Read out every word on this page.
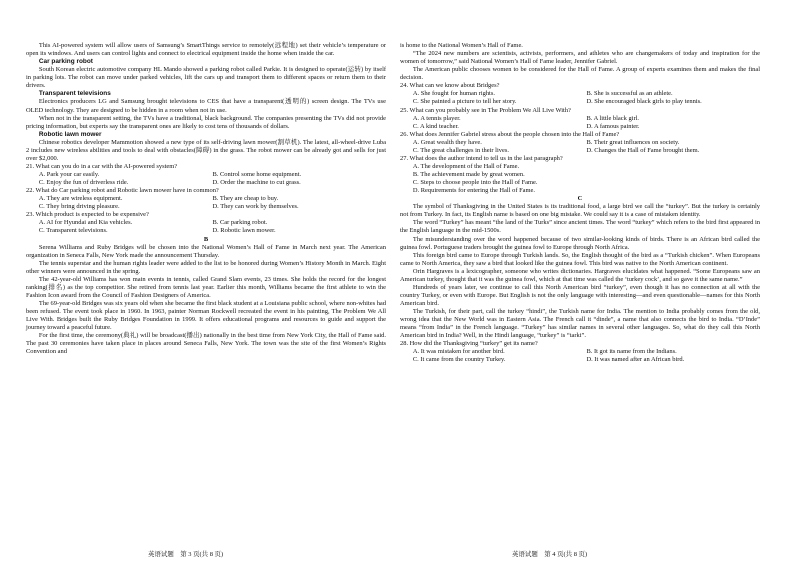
This AI-powered system will allow users of Samsung’s SmartThings service to remotely(远程地) set their vehicle’s temperature or open its windows. And users can control lights and connect to electrical equipment inside the home when inside the car.

Car parking robot

South Korean electric automotive company HL Mando showed a parking robot called Parkie. It is designed to operate(运转) by itself in parking lots. The robot can move under parked vehicles, lift the cars up and transport them to different spaces or return them to their drivers.

Transparent televisions

Electronics producers LG and Samsung brought televisions to CES that have a transparent(透明的) screen design. The TVs use OLED technology. They are designed to be hidden in a room when not in use.

When not in the transparent setting, the TVs have a traditional, black background. The companies presenting the TVs did not provide pricing information, but experts say the transparent ones are likely to cost tens of thousands of dollars.

Robotic lawn mower

Chinese robotics developer Mammotion showed a new type of its self-driving lawn mower(割草机). The latest, all-wheel-drive Luba 2 includes new wireless abilities and tools to deal with obstacles(障碍) in the grass. The robot mower can be already got and sells for just over $2,000.

21. What can you do in a car with the AI-powered system?

A. Park your car easily.	B. Control some home equipment.
C. Enjoy the fun of driverless ride.	D. Order the machine to cut grass.

22. What do Car parking robot and Robotic lawn mower have in common?

A. They are wireless equipment.	B. They are cheap to buy.
C. They bring driving pleasure.	D. They can work by themselves.

23. Which product is expected to be expensive?

A. AI for Hyundai and Kia vehicles.	B. Car parking robot.
C. Transparent televisions.	D. Robotic lawn mower.

B

Serena Williams and Ruby Bridges will be chosen into the National Women’s Hall of Fame in March next year. The American organization in Seneca Falls, New York made the announcement Thursday.

The tennis superstar and the human rights leader were added to the list to be honored during Women’s History Month in March. Eight other winners were announced in the spring.

The 42-year-old Williams has won main events in tennis, called Grand Slam events, 23 times. She holds the record for the longest ranking(排名) as the top competitor. She retired from tennis last year. Earlier this month, Williams became the first athlete to win the Fashion Icon award from the Council of Fashion Designers of America.

The 69-year-old Bridges was six years old when she became the first black student at a Louisiana public school, where non-whites had been refused. The event took place in 1960. In 1963, painter Norman Rockwell recreated the event in his painting, The Problem We All Live With. Bridges built the Ruby Bridges Foundation in 1999. It offers educational programs and resources to guide and support the journey toward a peaceful future.

For the first time, the ceremony(典礼) will be broadcast(播出) nationally in the best time from New York City, the Hall of Fame said. The past 30 ceremonies have taken place in places around Seneca Falls, New York. The town was the site of the first Women’s Rights Convention and

is home to the National Women’s Hall of Fame.

“The 2024 new numbers are scientists, activists, performers, and athletes who are changemakers of today and inspiration for the women of tomorrow,” said National Women’s Hall of Fame leader, Jennifer Gabriel.

The American public chooses women to be considered for the Hall of Fame. A group of experts examines them and makes the final decision.

24. What can we know about Bridges?

A. She fought for human rights.	B. She is successful as an athlete.
C. She painted a picture to tell her story.	D. She encouraged black girls to play tennis.

25. What can you probably see in The Problem We All Live With?

A. A tennis player.	B. A little black girl.
C. A kind teacher.	D. A famous painter.

26. What does Jennifer Gabriel stress about the people chosen into the Hall of Fame?

A. Great wealth they have.	B. Their great influences on society.
C. The great challenges in their lives.	D. Changes the Hall of Fame brought them.

27. What does the author intend to tell us in the last paragraph?

A. The development of the Hall of Fame.
B. The achievement made by great women.
C. Steps to choose people into the Hall of Fame.
D. Requirements for entering the Hall of Fame.

C

The symbol of Thanksgiving in the United States is its traditional food, a large bird we call the “turkey”. But the turkey is certainly not from Turkey. In fact, its English name is based on one big mistake. We could say it is a case of mistaken identity.

The word “Turkey” has meant “the land of the Turks” since ancient times. The word “turkey” which refers to the bird first appeared in the English language in the mid-1500s.

The misunderstanding over the word happened because of two similar-looking kinds of birds. There is an African bird called the guinea fowl. Portuguese traders brought the guinea fowl to Europe through North Africa.

This foreign bird came to Europe through Turkish lands. So, the English thought of the bird as a “Turkish chicken”. When Europeans came to North America, they saw a bird that looked like the guinea fowl. This bird was native to the North American continent.

Orin Hargraves is a lexicographer, someone who writes dictionaries. Hargraves elucidates what happened. “Some Europeans saw an American turkey, thought that it was the guinea fowl, which at that time was called the ‘turkey cock’, and so gave it the same name.”

Hundreds of years later, we continue to call this North American bird “turkey”, even though it has no connection at all with the country Turkey, or even with Europe. But English is not the only language with interesting—and even questionable—names for this North American bird.

The Turkish, for their part, call the turkey “hindi”, the Turkish name for India. The mention to India probably comes from the old, wrong idea that the New World was in Eastern Asia. The French call it “dinde”, a name that also connects the bird to India. “D’Inde” means “from India” in the French language. “Turkey” has similar names in several other languages. So, what do they call this North American bird in India? Well, in the Hindi language, “turkey” is “tarki”.

28. How did the Thanksgiving “turkey” get its name?

A. It was mistaken for another bird.	B. It got its name from the Indians.
C. It came from the country Turkey.	D. It was named after an African bird.
英语试题　第 3 页(共 8 页)	英语试题　第 4 页(共 8 页)
